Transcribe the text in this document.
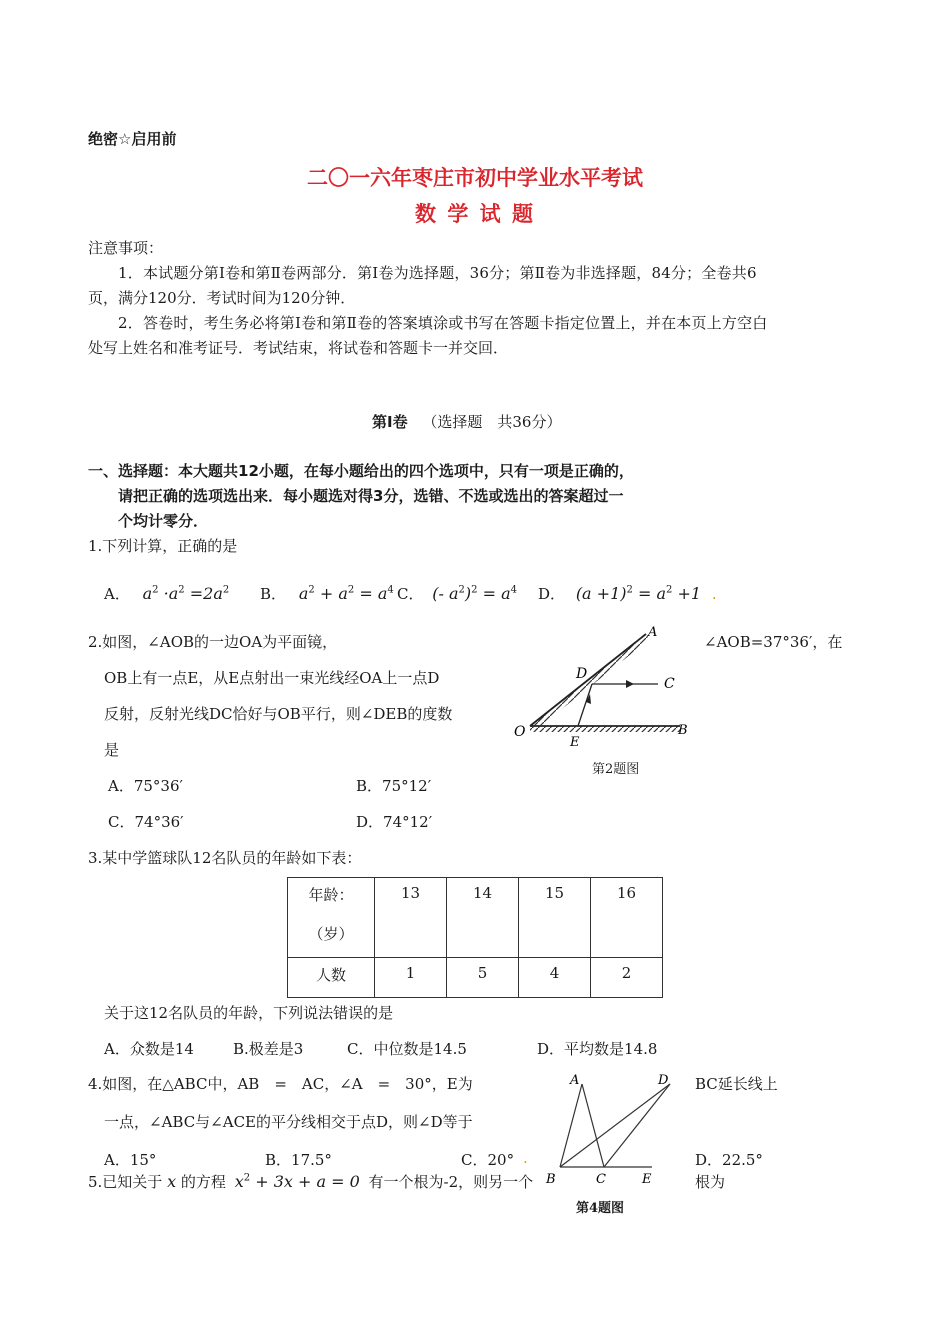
绝密☆启用前
二〇一六年枣庄市初中学业水平考试
数 学 试 题
注意事项：
1．本试题分第Ⅰ卷和第Ⅱ卷两部分．第Ⅰ卷为选择题，36分；第Ⅱ卷为非选择题，84分；全卷共6
页，满分120分．考试时间为120分钟．
2．答卷时，考生务必将第Ⅰ卷和第Ⅱ卷的答案填涂或书写在答题卡指定位置上，并在本页上方空白
处写上姓名和准考证号．考试结束，将试卷和答题卡一并交回．
第Ⅰ卷 （选择题　共36分）
一、选择题：本大题共12小题，在每小题给出的四个选项中，只有一项是正确的，
请把正确的选项选出来．每小题选对得3分，选错、不选或选出的答案超过一
个均计零分．
1.下列计算，正确的是
A． $a^2 \cdot a^2 =2a^2$ B． $a^2 + a^2 = a^4$ C． (- $a^2)^2 = a^4$ D． $(a +1)^2 = a^2 +1$ .
2.如图，∠AOB的一边OA为平面镜，	∠AOB=37°36′，在
OB上有一点E，从E点射出一束光线经OA上一点D
反射，反射光线DC恰好与OB平行，则∠DEB的度数
是
A．75°36′	B．75°12′
C．74°36′	D．74°12′
A
C
D
O
E
B
第2题图
3.某中学篮球队12名队员的年龄如下表：
年龄：
（岁）	13	14	15	16
人数	1	5	4	2
关于这12名队员的年龄，下列说法错误的是
A．众数是14	B.极差是3	C．中位数是14.5	D．平均数是14.8
4.如图，在△ABC中，AB　=　AC，∠A　=　30°，E为	BC延长线上
一点，∠ABC与∠ACE的平分线相交于点D，则∠D等于
A．15°	B．17.5°	C．20° .	D．22.5°
A	D
B	C	E
第4题图
5.已知关于 x 的方程 $x^2 + 3x + a = 0$ 有一个根为-2，则另一个	根为
